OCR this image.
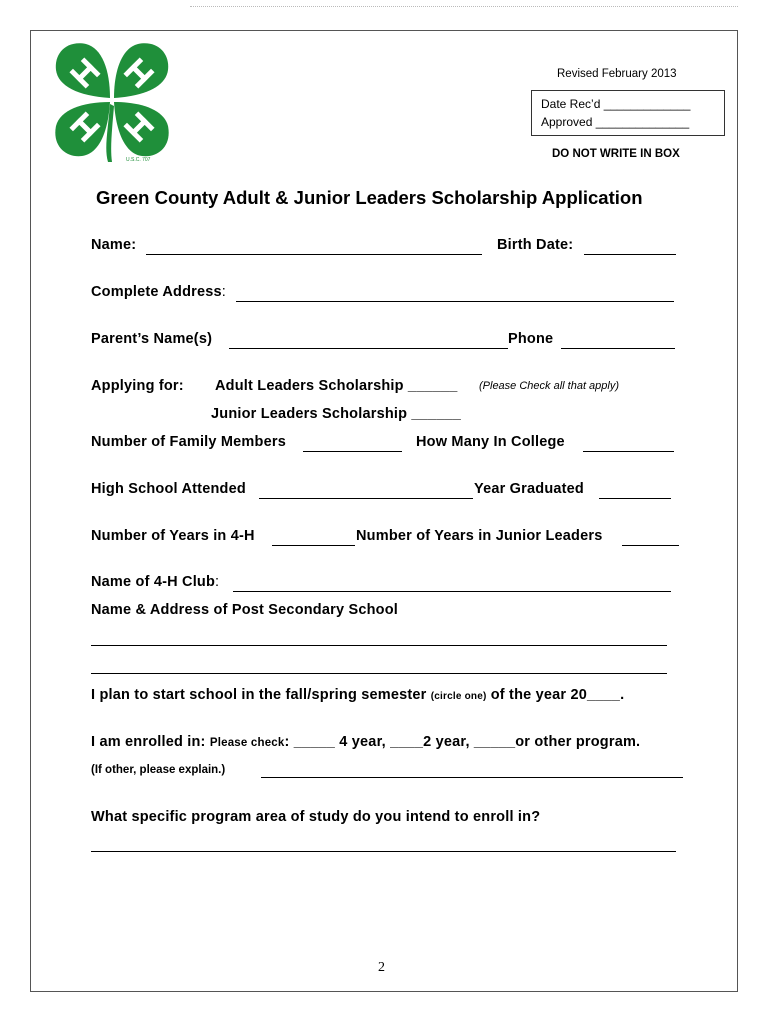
U.S.C. 707
Revised February 2013
Date Rec’d _____________
Approved ______________
DO NOT WRITE IN BOX
Green County Adult & Junior Leaders Scholarship Application
Name:	Birth Date:
Complete Address:
Parent’s Name(s)	Phone
Applying for: Adult Leaders Scholarship ______ (Please Check all that apply)
Junior Leaders Scholarship ______
Number of Family Members	How Many In College
High School Attended	Year Graduated
Number of Years in 4-H	Number of Years in Junior Leaders
Name of 4-H Club:
Name & Address of Post Secondary School
I plan to start school in the fall/spring semester (circle one) of the year 20____.
I am enrolled in: Please check: _____ 4 year, ____2 year, _____or other program.
(If other, please explain.)
What specific program area of study do you intend to enroll in?
2
